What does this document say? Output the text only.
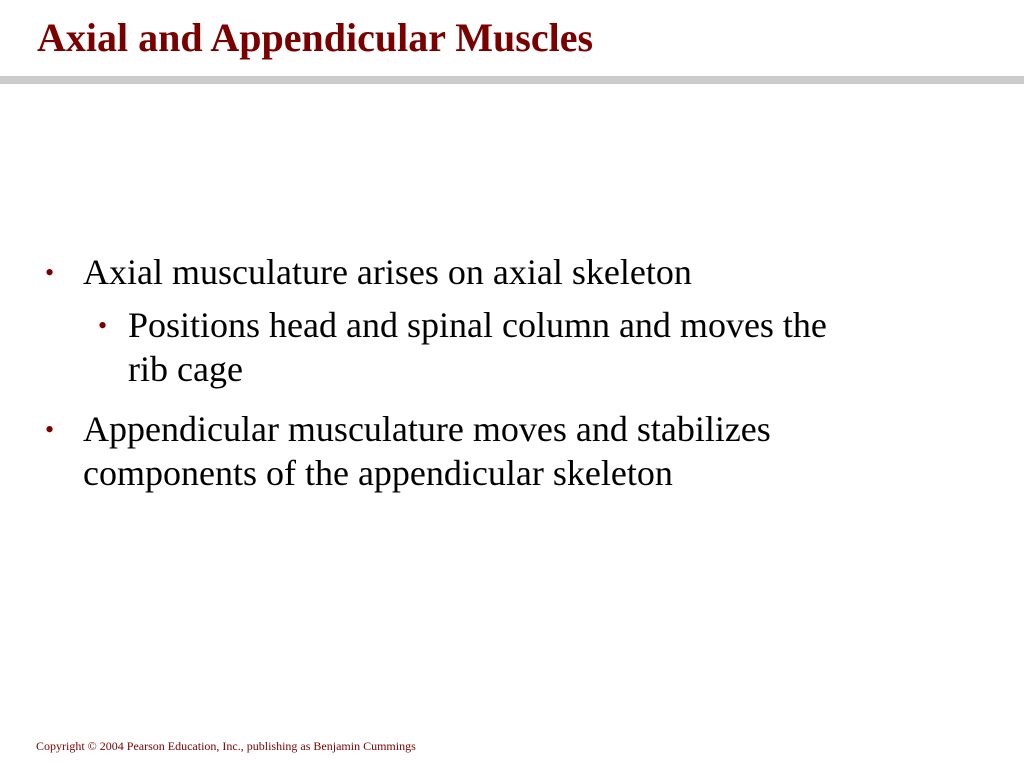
Axial and Appendicular Muscles
• Axial musculature arises on axial skeleton
• Positions head and spinal column and moves the rib cage
• Appendicular musculature moves and stabilizes components of the appendicular skeleton
Copyright © 2004 Pearson Education, Inc., publishing as Benjamin Cummings
